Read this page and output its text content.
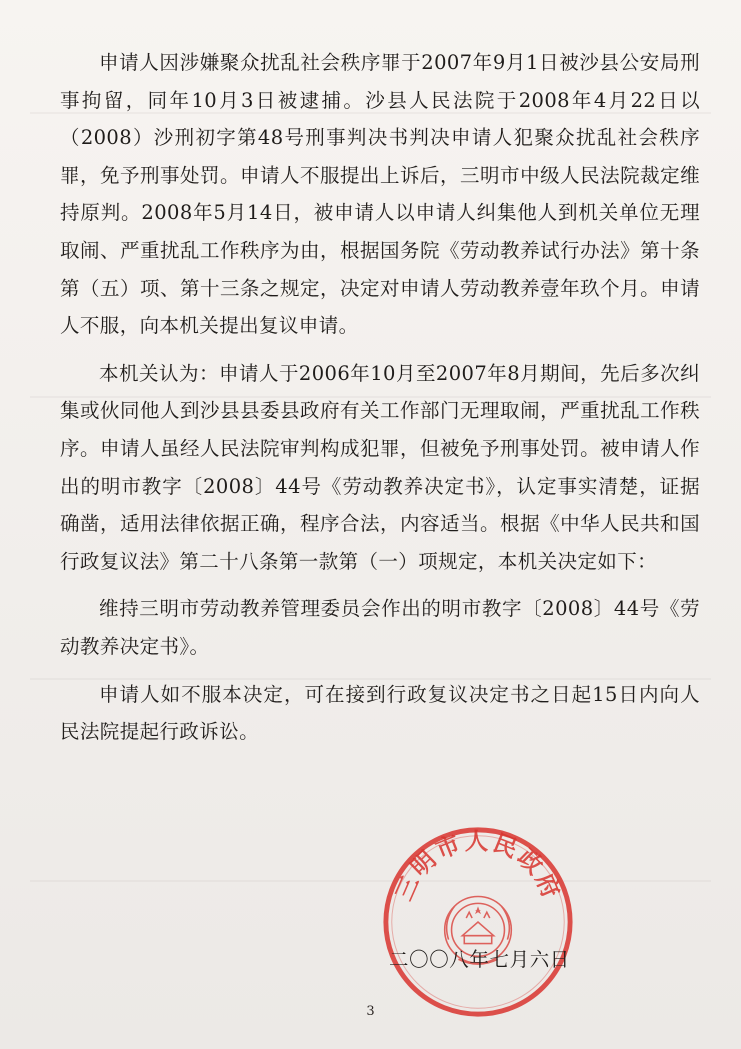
申请人因涉嫌聚众扰乱社会秩序罪于2007年9月1日被沙县公安局刑事拘留，同年10月3日被逮捕。沙县人民法院于2008年4月22日以（2008）沙刑初字第48号刑事判决书判决申请人犯聚众扰乱社会秩序罪，免予刑事处罚。申请人不服提出上诉后，三明市中级人民法院裁定维持原判。2008年5月14日，被申请人以申请人纠集他人到机关单位无理取闹、严重扰乱工作秩序为由，根据国务院《劳动教养试行办法》第十条第（五）项、第十三条之规定，决定对申请人劳动教养壹年玖个月。申请人不服，向本机关提出复议申请。

本机关认为：申请人于2006年10月至2007年8月期间，先后多次纠集或伙同他人到沙县县委县政府有关工作部门无理取闹，严重扰乱工作秩序。申请人虽经人民法院审判构成犯罪，但被免予刑事处罚。被申请人作出的明市教字〔2008〕44号《劳动教养决定书》，认定事实清楚，证据确凿，适用法律依据正确，程序合法，内容适当。根据《中华人民共和国行政复议法》第二十八条第一款第（一）项规定，本机关决定如下：

维持三明市劳动教养管理委员会作出的明市教字〔2008〕44号《劳动教养决定书》。

申请人如不服本决定，可在接到行政复议决定书之日起15日内向人民法院提起行政诉讼。

三明市人民政府
二〇〇八年七月六日
3
